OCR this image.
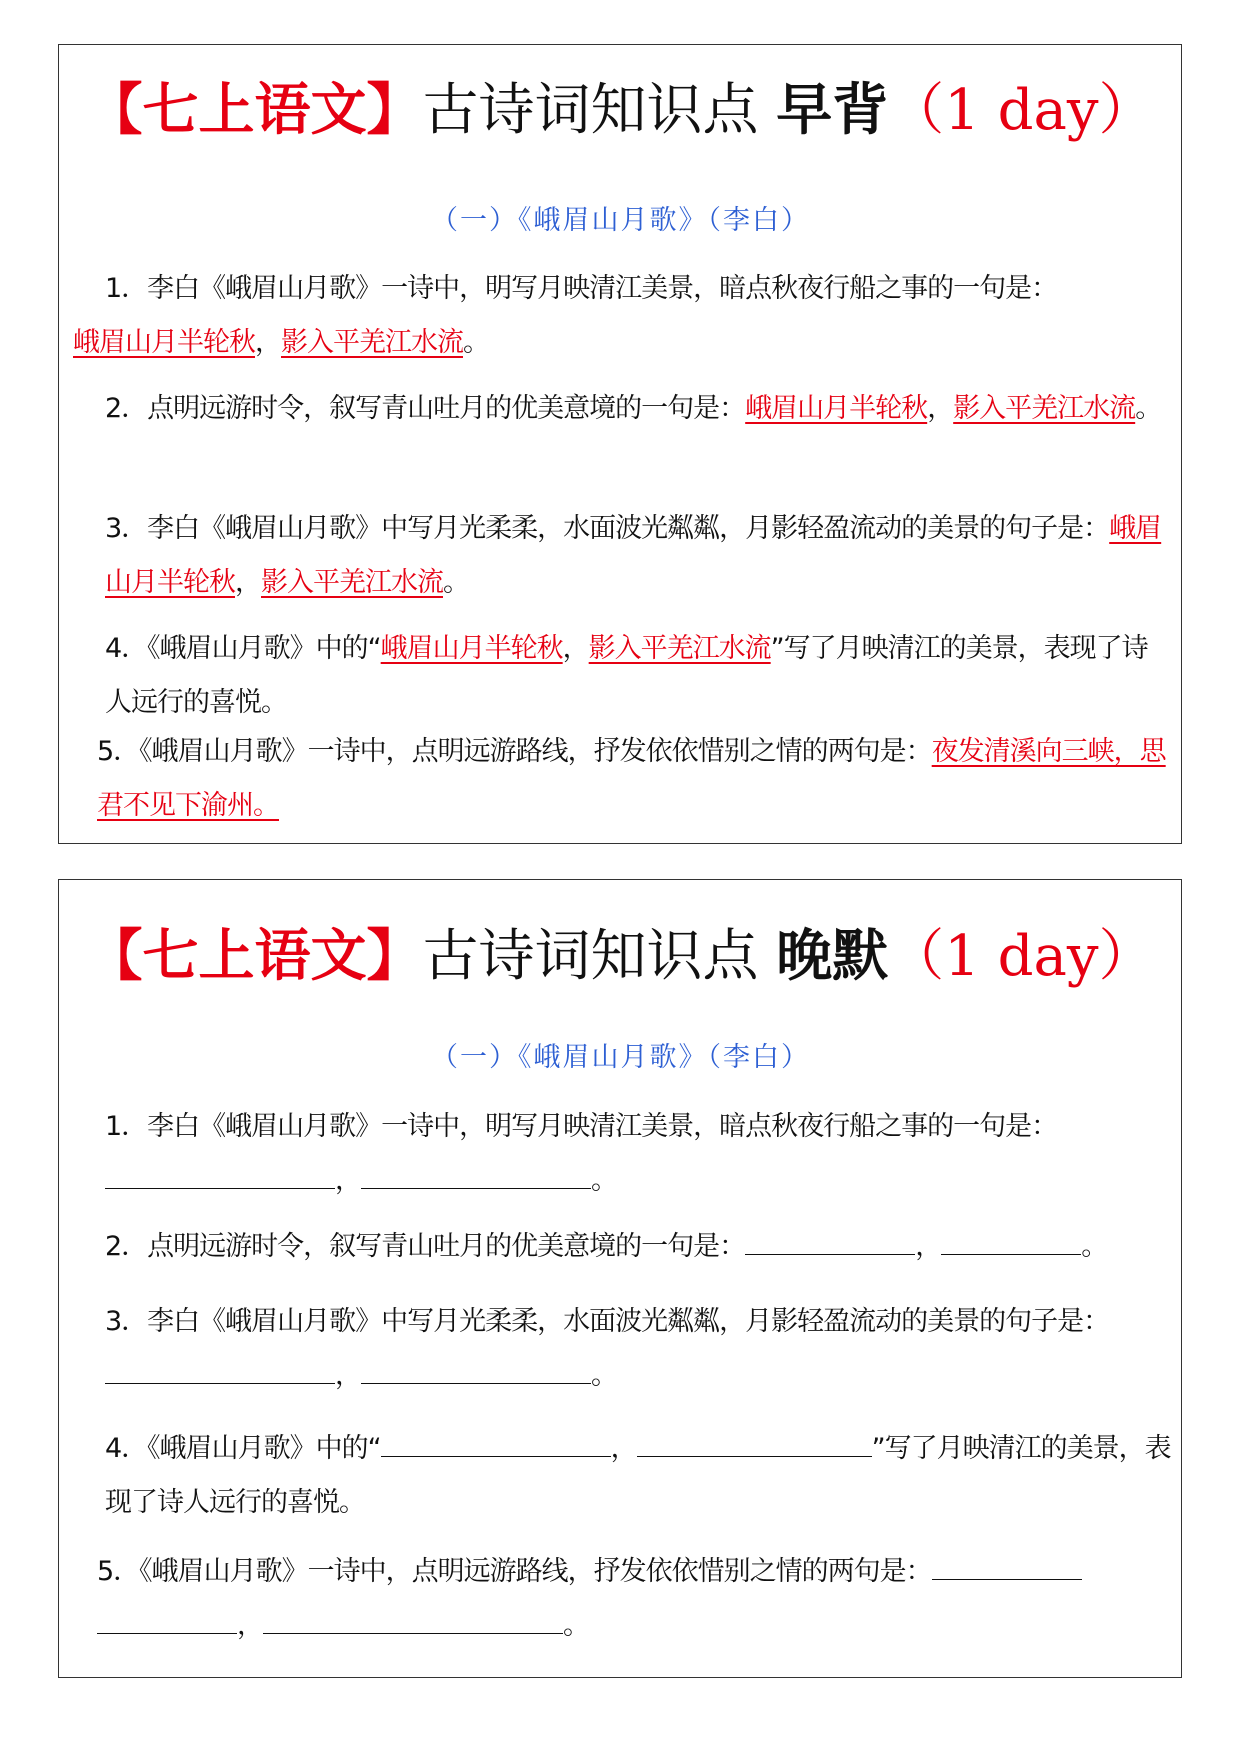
【七上语文】古诗词知识点 早背（1 day）
（一）《峨眉山月歌》（李白）
1．李白《峨眉山月歌》一诗中，明写月映清江美景，暗点秋夜行船之事的一句是：
峨眉山月半轮秋，影入平羌江水流。
2．点明远游时令，叙写青山吐月的优美意境的一句是：峨眉山月半轮秋，影入平羌江水流。
3．李白《峨眉山月歌》中写月光柔柔，水面波光粼粼，月影轻盈流动的美景的句子是：峨眉山月半轮秋，影入平羌江水流。
4．《峨眉山月歌》中的“峨眉山月半轮秋，影入平羌江水流”写了月映清江的美景，表现了诗 人远行的喜悦。
5．《峨眉山月歌》一诗中，点明远游路线，抒发依依惜别之情的两句是：夜发清溪向三峡，思君不见下渝州。
【七上语文】古诗词知识点 晚默（1 day）
（一）《峨眉山月歌》（李白）
1．李白《峨眉山月歌》一诗中，明写月映清江美景，暗点秋夜行船之事的一句是：，	。
2．点明远游时令，叙写青山吐月的优美意境的一句是：	，	。
3．李白《峨眉山月歌》中写月光柔柔，水面波光粼粼，月影轻盈流动的美景的句子是：，	。
4．《峨眉山月歌》中的“	，	”写了月映清江的美景，表现了诗人远行的喜悦。
5．《峨眉山月歌》一诗中，点明远游路线，抒发依依惜别之情的两句是：，	。
